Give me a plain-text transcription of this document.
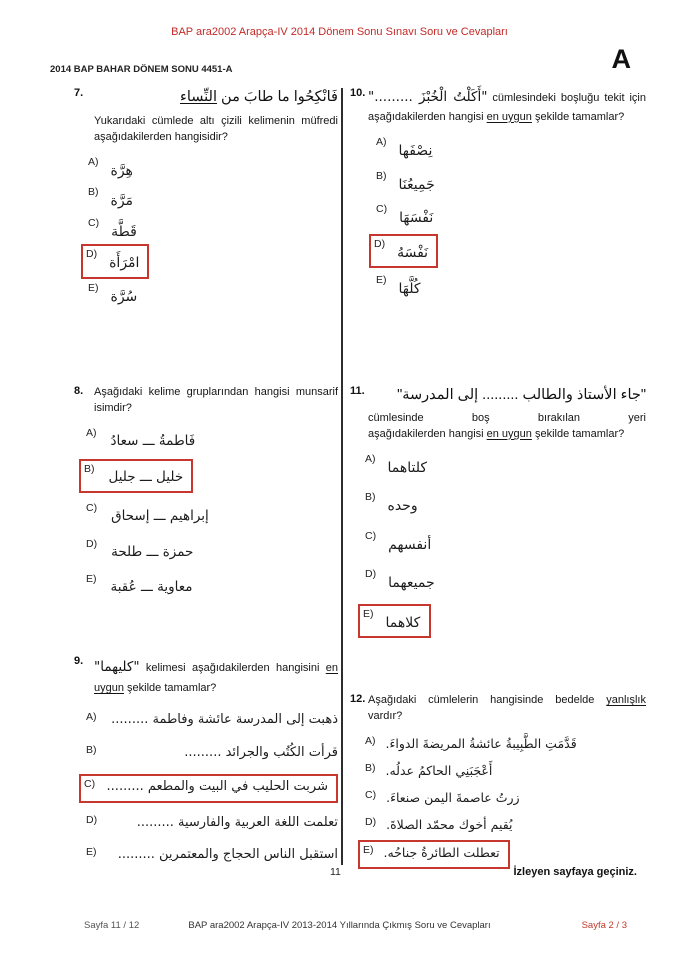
BAP ara2002 Arapça-IV 2014 Dönem Sonu Sınavı Soru ve Cevapları
2014 BAP BAHAR DÖNEM SONU 4451-A	A
7.	فَانْكِحُوا ما طابَ من النِّساء

Yukarıdaki cümlede altı çizili kelimenin müfredi aşağıdakilerden hangisidir?

A)
هِرَّة
B)
مَرَّة
C)
قَطَّة
D)
امْرَأَة
E)
سُرَّة
8. Aşağıdaki kelime gruplarından hangisi munsarif isimdir?

A) فَاطمةُ ـــ سعادُ
B) خليل ـــ جليل
C) إبراهيم ـــ إسحاق
D) حمزة ـــ طلحة
E) معاوية ـــ عُقبة
9. "كليهما" kelimesi aşağıdakilerden hangisini en uygun şekilde tamamlar?

A)	ذهبت إلى المدرسة عائشة وفاطمة .........
B)	قرأت الكُتُب والجرائد .........
C) شربت الحليب في البيت والمطعم .........
D)	تعلمت اللغة العربية والفارسية .........
E)	استقبل الناس الحجاج والمعتمرين .........
10. "أَكَلْتُ الْخُبْزَ ........." cümlesindeki boşluğu tekit için aşağıdakilerden hangisi en uygun şekilde tamamlar?

A)
نِصْفَها
B)
جَمِيعُنَا
C)
نَفْسَهَا
D)
نَفْسَهُ
E)
كُلَّهَا
11.	"جاء الأستاذ والطالب ......... إلى المدرسة"
cümlesinde boş bırakılan yeri

aşağıdakilerden hangisi en uygun şekilde tamamlar?

A)
كلتاهما
B)
وحده
C)
أنفسهم
D)
جميعهما
E)
كلاهما
12. Aşağıdaki cümlelerin hangisinde bedelde yanlışlık vardır?

A) قَدَّمَتِ الطَّبِيبةُ عائشةُ المريضةَ الدواءَ.
B) أَعْجَبَنِي الحاكمُ عدلُه.
C) زرتُ عاصمةَ اليمن صنعاءَ.
D) يُقيم أخوك محمّد الصلاةَ.
E) تعطلت الطائرةُ جناحُه.
11	İzleyen sayfaya geçiniz.
BAP ara2002 Arapça-IV 2013-2014 Yıllarında Çıkmış Soru ve Cevapları
Sayfa 11 / 12	Sayfa 2 / 3
